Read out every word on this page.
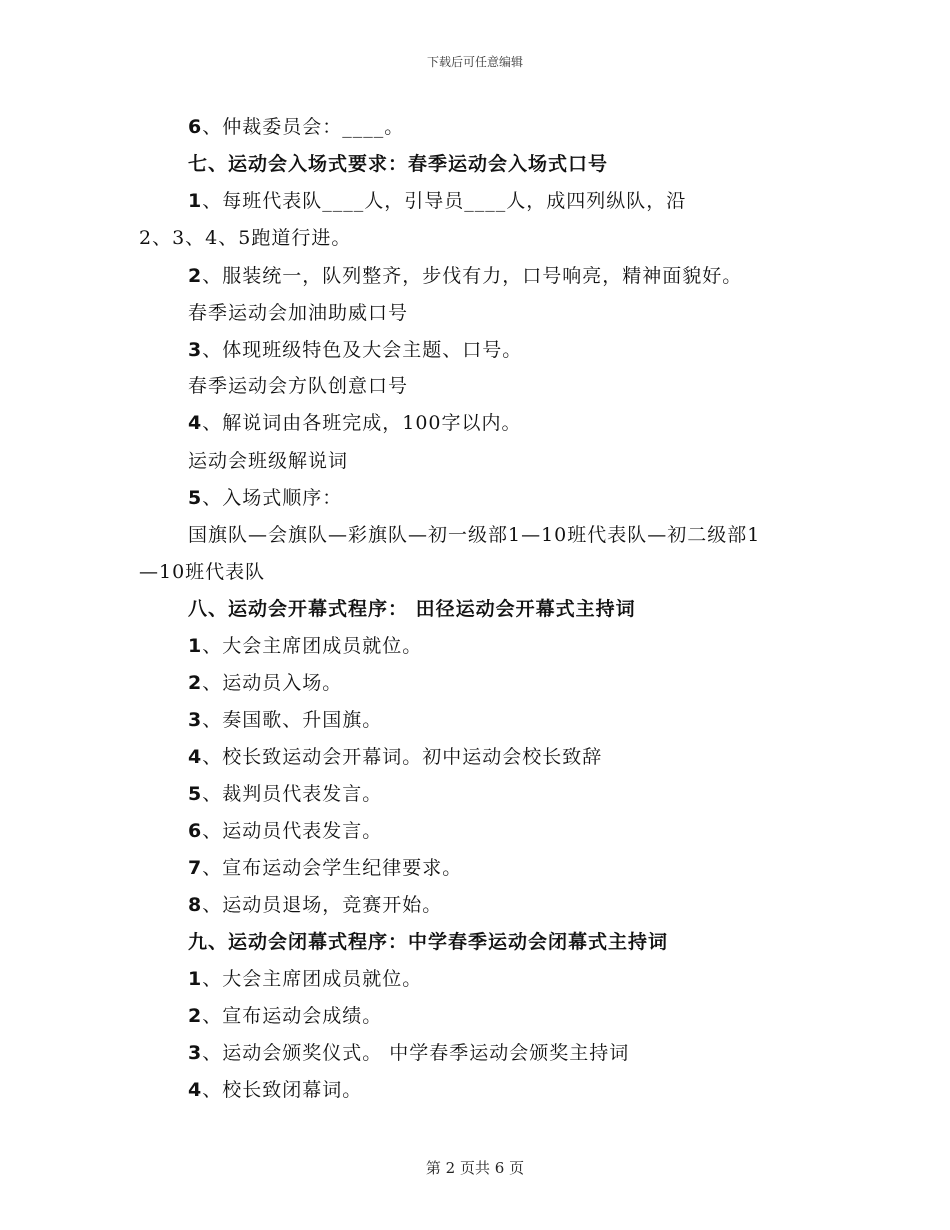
下载后可任意编辑
6、仲裁委员会：____。
七、运动会入场式要求：春季运动会入场式口号
1、每班代表队____人，引导员____人，成四列纵队，沿
2、3、4、5跑道行进。
2、服装统一，队列整齐，步伐有力，口号响亮，精神面貌好。
春季运动会加油助威口号
3、体现班级特色及大会主题、口号。
春季运动会方队创意口号
4、解说词由各班完成，100字以内。
运动会班级解说词
5、入场式顺序：
国旗队—会旗队—彩旗队—初一级部1—10班代表队—初二级部1
—10班代表队
八、运动会开幕式程序： 田径运动会开幕式主持词
1、大会主席团成员就位。
2、运动员入场。
3、奏国歌、升国旗。
4、校长致运动会开幕词。初中运动会校长致辞
5、裁判员代表发言。
6、运动员代表发言。
7、宣布运动会学生纪律要求。
8、运动员退场，竞赛开始。
九、运动会闭幕式程序：中学春季运动会闭幕式主持词
1、大会主席团成员就位。
2、宣布运动会成绩。
3、运动会颁奖仪式。 中学春季运动会颁奖主持词
4、校长致闭幕词。
第 2 页共 6 页
